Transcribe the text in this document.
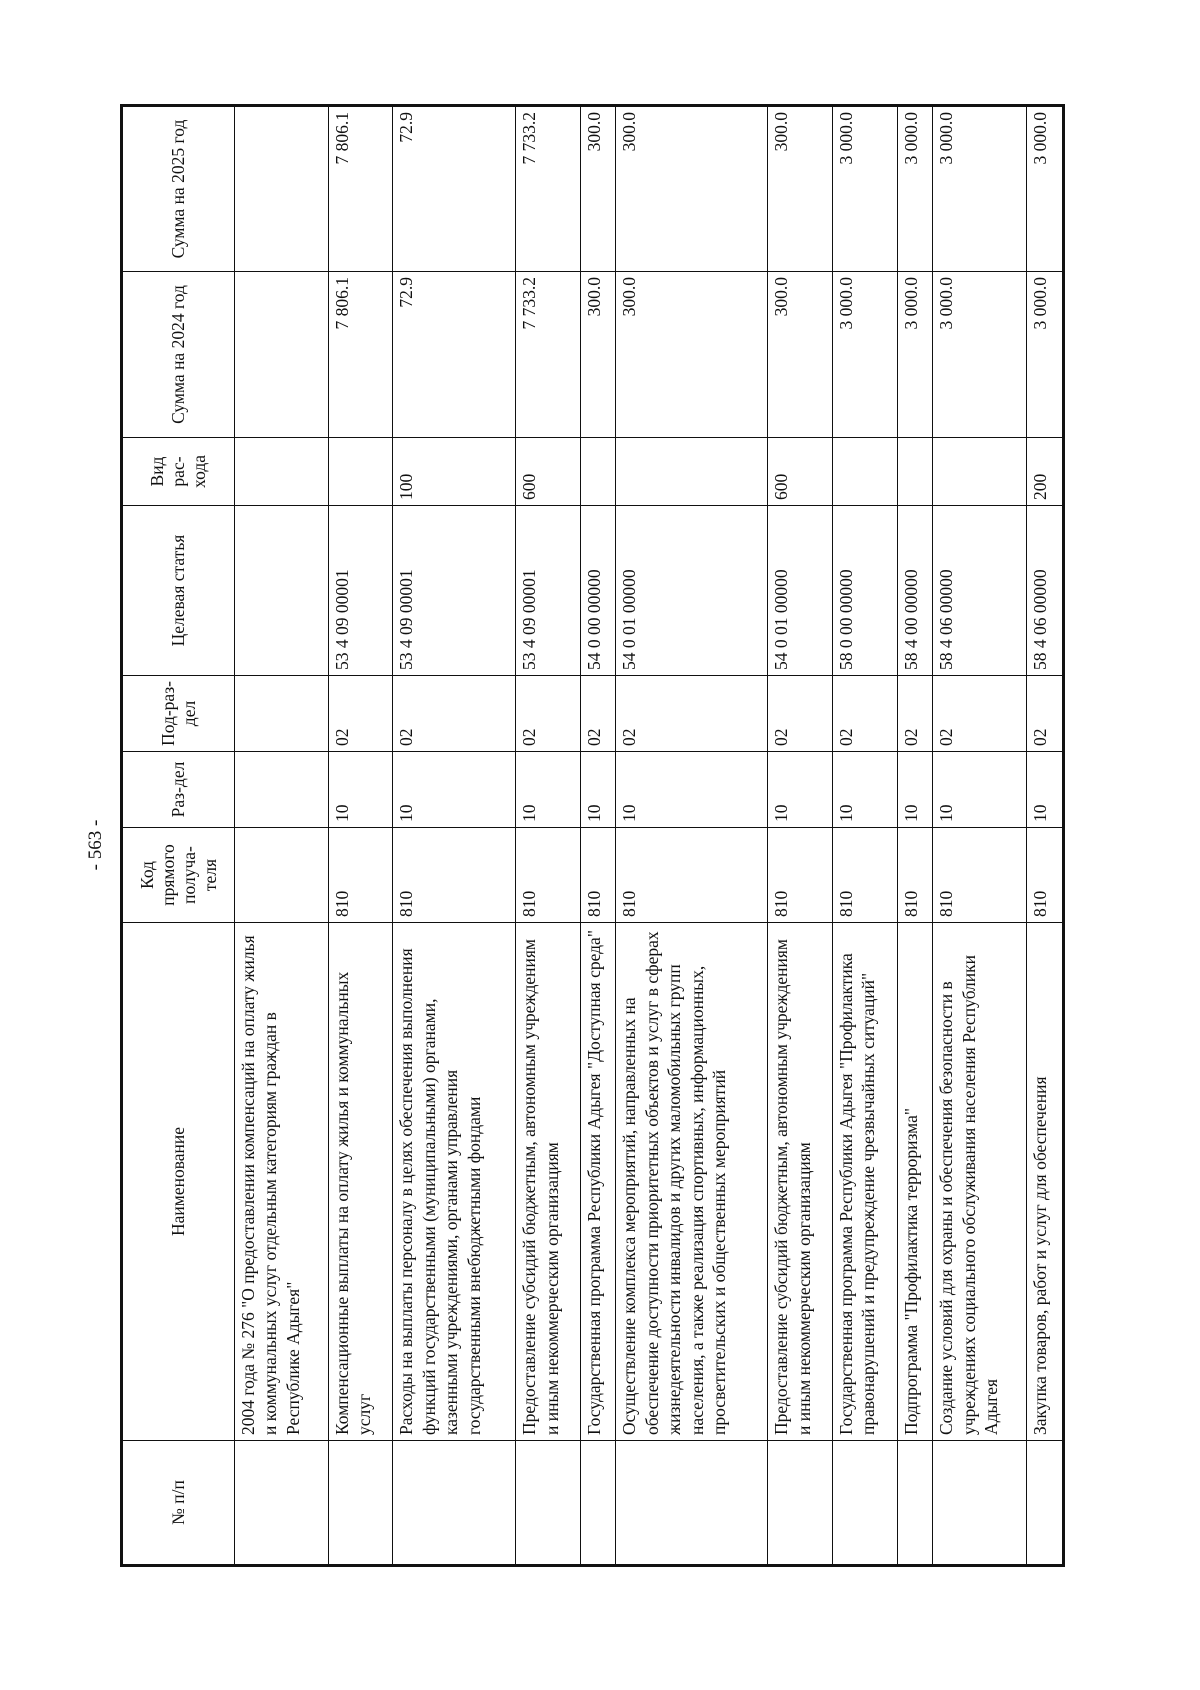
- 563 -
№ п/п	Наименование	Код прямого получа-теля	Раз-дел	Под-раз-дел	Целевая статья	Вид рас-хода	Сумма на 2024 год	Сумма на 2025 год
	2004 года № 276 "О предоставлении компенсаций на оплату жилья и коммунальных услуг отдельным категориям граждан в Республике Адыгея"							
	Компенсационные выплаты на оплату жилья и коммунальных услуг	810	10	02	53 4 09 00001		7 806.1	7 806.1
	Расходы на выплаты персоналу в целях обеспечения выполнения функций государственными (муниципальными) органами, казенными учреждениями, органами управления государственными внебюджетными фондами	810	10	02	53 4 09 00001	100	72.9	72.9
	Предоставление субсидий бюджетным, автономным учреждениям и иным некоммерческим организациям	810	10	02	53 4 09 00001	600	7 733.2	7 733.2
	Государственная программа Республики Адыгея "Доступная среда"	810	10	02	54 0 00 00000		300.0	300.0
	Осуществление комплекса мероприятий, направленных на обеспечение доступности приоритетных объектов и услуг в сферах жизнедеятельности инвалидов и других маломобильных групп населения, а также реализация спортивных, информационных, просветительских и общественных мероприятий	810	10	02	54 0 01 00000		300.0	300.0
	Предоставление субсидий бюджетным, автономным учреждениям и иным некоммерческим организациям	810	10	02	54 0 01 00000	600	300.0	300.0
	Государственная программа Республики Адыгея "Профилактика правонарушений и предупреждение чрезвычайных ситуаций"	810	10	02	58 0 00 00000		3 000.0	3 000.0
	Подпрограмма "Профилактика терроризма"	810	10	02	58 4 00 00000		3 000.0	3 000.0
	Создание условий для охраны и обеспечения безопасности в учреждениях социального обслуживания населения Республики Адыгея	810	10	02	58 4 06 00000		3 000.0	3 000.0
	Закупка товаров, работ и услуг для обеспечения	810	10	02	58 4 06 00000	200	3 000.0	3 000.0
